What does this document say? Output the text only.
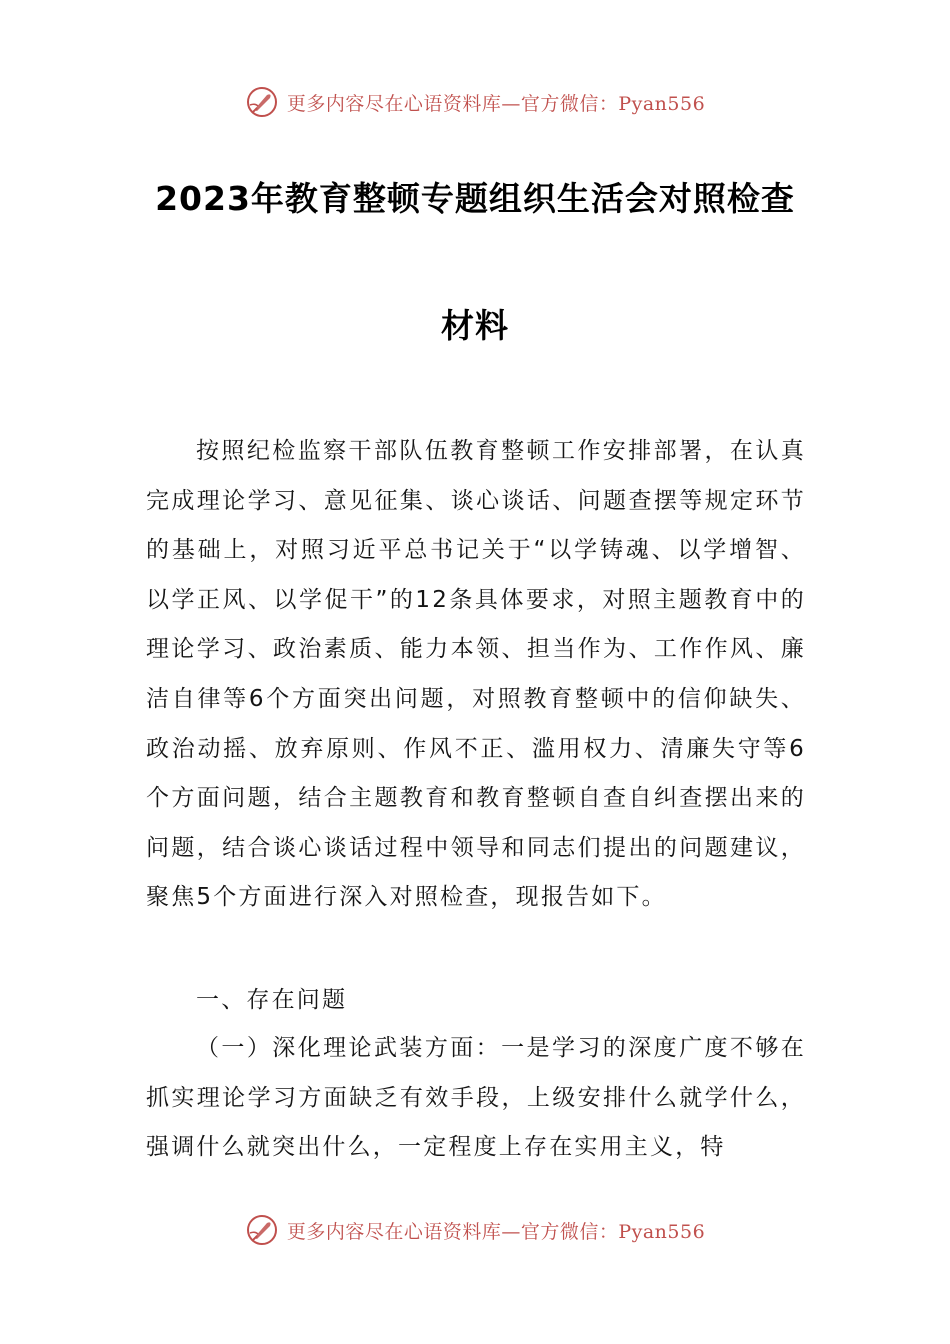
更多内容尽在心语资料库—官方微信：Pyan556
2023年教育整顿专题组织生活会对照检查
材料

按照纪检监察干部队伍教育整顿工作安排部署，在认真完成理论学习、意见征集、谈心谈话、问题查摆等规定环节的基础上，对照习近平总书记关于“以学铸魂、以学增智、以学正风、以学促干”的12条具体要求，对照主题教育中的理论学习、政治素质、能力本领、担当作为、工作作风、廉洁自律等6个方面突出问题，对照教育整顿中的信仰缺失、政治动摇、放弃原则、作风不正、滥用权力、清廉失守等6个方面问题，结合主题教育和教育整顿自查自纠查摆出来的问题，结合谈心谈话过程中领导和同志们提出的问题建议，聚焦5个方面进行深入对照检查，现报告如下。

一、存在问题

（一）深化理论武装方面：一是学习的深度广度不够在抓实理论学习方面缺乏有效手段，上级安排什么就学什么，强调什么就突出什么，一定程度上存在实用主义，特

更多内容尽在心语资料库—官方微信：Pyan556
